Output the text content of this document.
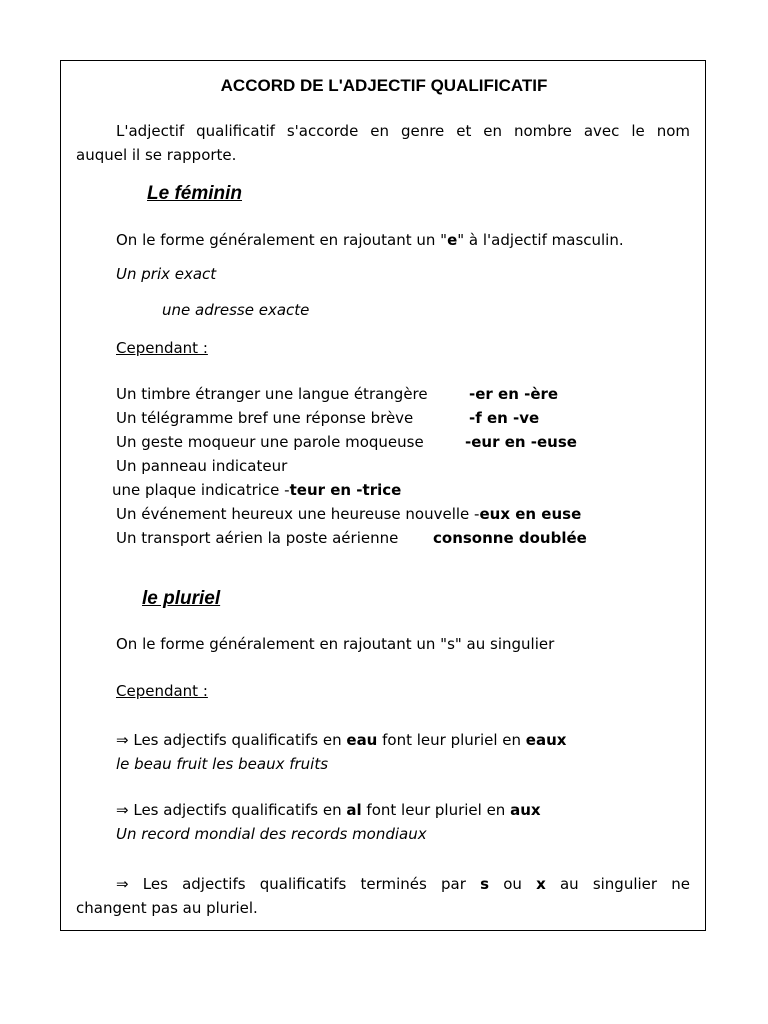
ACCORD DE L'ADJECTIF QUALIFICATIF
L'adjectif qualificatif s'accorde en genre et en nombre avec le nom
auquel il se rapporte.
Le féminin
On le forme généralement en rajoutant un "e" à l'adjectif masculin.
Un prix exact
une adresse exacte
Cependant :
Un timbre étranger une langue étrangère	-er en -ère
Un télégramme bref une réponse brève	-f en -ve
Un geste moqueur une parole moqueuse	-eur en -euse
Un panneau indicateur
une plaque indicatrice -teur en -trice
Un événement heureux une heureuse nouvelle -eux en euse
Un transport aérien la poste aérienne consonne doublée
le pluriel
On le forme généralement en rajoutant un "s" au singulier
Cependant :
⇒ Les adjectifs qualificatifs en eau font leur pluriel en eaux
le beau fruit les beaux fruits
⇒ Les adjectifs qualificatifs en al font leur pluriel en aux
Un record mondial des records mondiaux
⇒ Les adjectifs qualificatifs terminés par s ou x au singulier ne
changent pas au pluriel.
